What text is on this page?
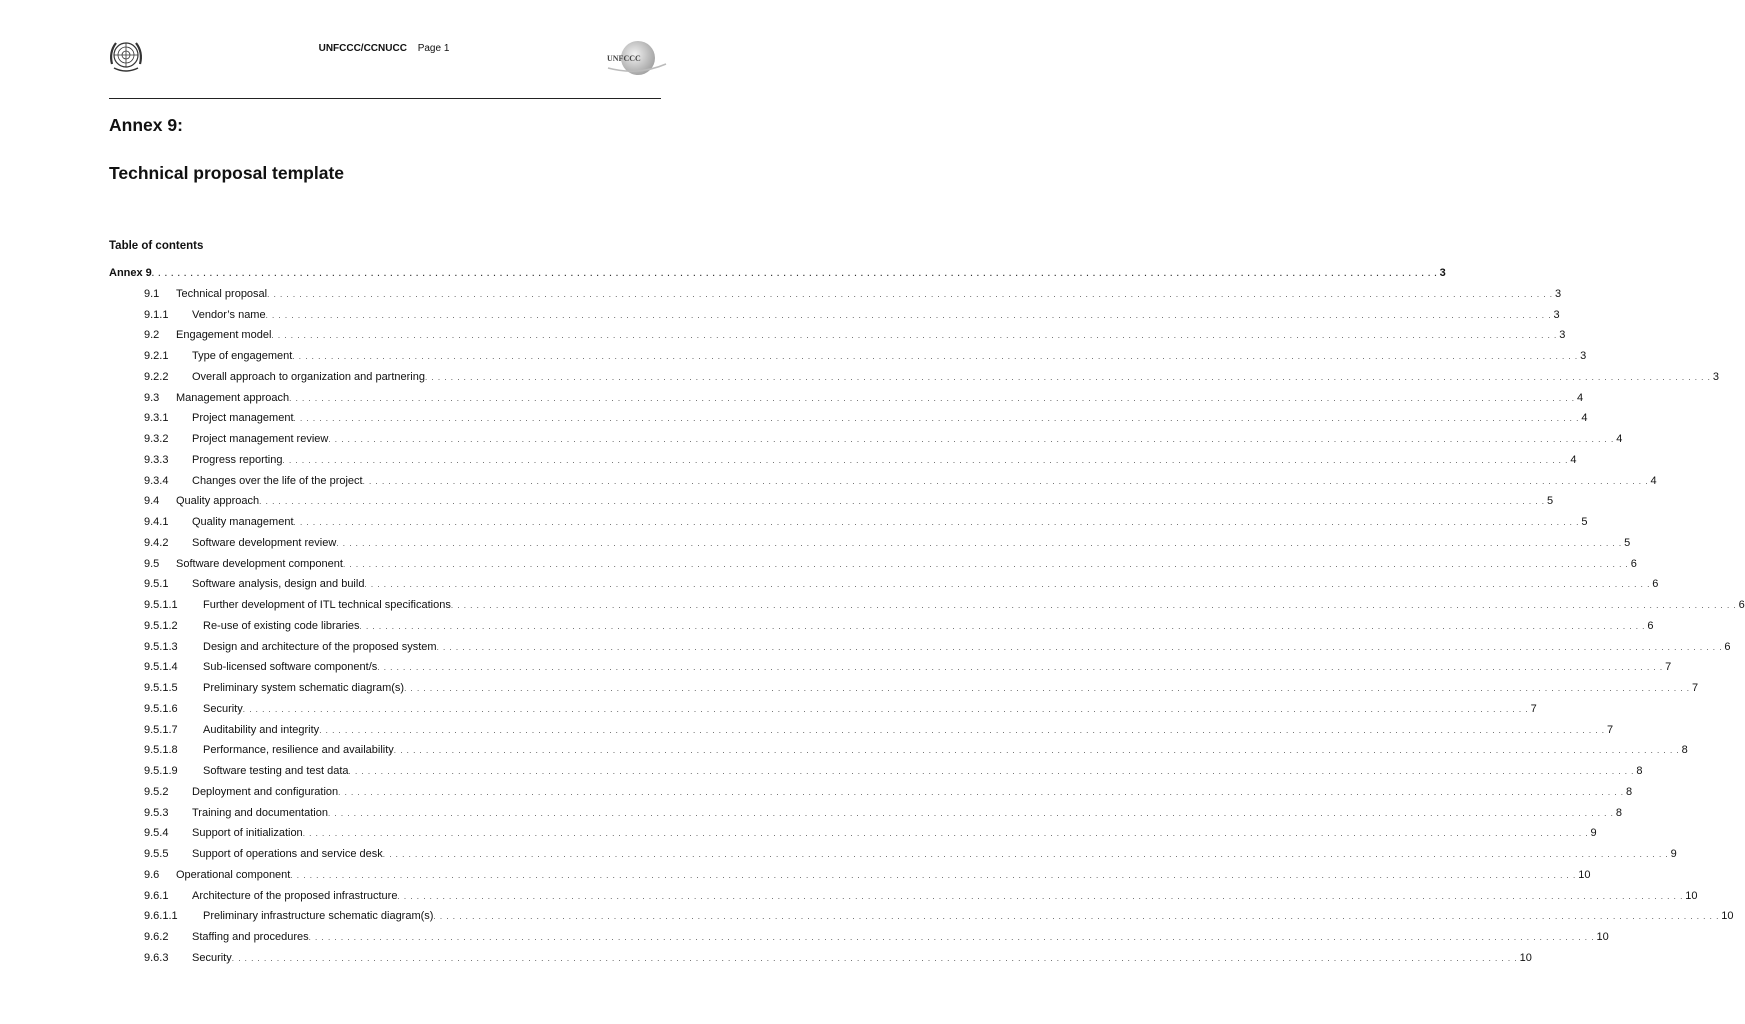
UNFCCC/CCNUCC Page 1
UNFCCC
Annex 9:
Technical proposal template
Table of contents
Annex 9 . . . . . . . . . . . . . . . . . . . . . . . . . . . . . . . . . . . . . . . . . . . . . . . . . . . . . . . . . . . . . . . . . . . . . . . . . . . . . . . . . . . . . . . . . . . . . . . . . . . . . . . . . . . . . . . . . . . . . . . . . . . . . . . . . . . . . . . . . . . . . . . . . . . . . . . . . . . . . . . . . . . . . . . . . . . . . . . . . . . . . . . . . . . . . . . . . . . . . . . . 3
9.1 Technical proposal . . . . . . . . . . . . . . . . . . . . . . . . . . . . . . . . . . . . . . . . . . . . . . . . . . . . . . . . . . . . . . . . . . . . . . . . . . . . . . . . . . . . . . . . . . . . . . . . . . . . . . . . . . . . . . . . . . . . . . . . . . . . . . . . . . . . . . . . . . . . . . . . . . . . . . . . . . . . . . . . . . . . . . . . . . . . . . . . . . . . . . . . . . . . . . . . . . . . . . . . 3
9.1.1 Vendor’s name . . . . . . . . . . . . . . . . . . . . . . . . . . . . . . . . . . . . . . . . . . . . . . . . . . . . . . . . . . . . . . . . . . . . . . . . . . . . . . . . . . . . . . . . . . . . . . . . . . . . . . . . . . . . . . . . . . . . . . . . . . . . . . . . . . . . . . . . . . . . . . . . . . . . . . . . . . . . . . . . . . . . . . . . . . . . . . . . . . . . . . . . . . . . . . . . . . . . . . . . 3
9.2 Engagement model . . . . . . . . . . . . . . . . . . . . . . . . . . . . . . . . . . . . . . . . . . . . . . . . . . . . . . . . . . . . . . . . . . . . . . . . . . . . . . . . . . . . . . . . . . . . . . . . . . . . . . . . . . . . . . . . . . . . . . . . . . . . . . . . . . . . . . . . . . . . . . . . . . . . . . . . . . . . . . . . . . . . . . . . . . . . . . . . . . . . . . . . . . . . . . . . . . . . . . . . 3
9.2.1 Type of engagement . . . . . . . . . . . . . . . . . . . . . . . . . . . . . . . . . . . . . . . . . . . . . . . . . . . . . . . . . . . . . . . . . . . . . . . . . . . . . . . . . . . . . . . . . . . . . . . . . . . . . . . . . . . . . . . . . . . . . . . . . . . . . . . . . . . . . . . . . . . . . . . . . . . . . . . . . . . . . . . . . . . . . . . . . . . . . . . . . . . . . . . . . . . . . . . . . . . . . . . . 3
9.2.2 Overall approach to organization and partnering . . . . . . . . . . . . . . . . . . . . . . . . . . . . . . . . . . . . . . . . . . . . . . . . . . . . . . . . . . . . . . . . . . . . . . . . . . . . . . . . . . . . . . . . . . . . . . . . . . . . . . . . . . . . . . . . . . . . . . . . . . . . . . . . . . . . . . . . . . . . . . . . . . . . . . . . . . . . . . . . . . . . . . . . . . . . . . . . . . . . . . . . . . . . . . . . . . . . . . . . 3
9.3 Management approach . . . . . . . . . . . . . . . . . . . . . . . . . . . . . . . . . . . . . . . . . . . . . . . . . . . . . . . . . . . . . . . . . . . . . . . . . . . . . . . . . . . . . . . . . . . . . . . . . . . . . . . . . . . . . . . . . . . . . . . . . . . . . . . . . . . . . . . . . . . . . . . . . . . . . . . . . . . . . . . . . . . . . . . . . . . . . . . . . . . . . . . . . . . . . . . . . . . . . . . . 4
9.3.1 Project management . . . . . . . . . . . . . . . . . . . . . . . . . . . . . . . . . . . . . . . . . . . . . . . . . . . . . . . . . . . . . . . . . . . . . . . . . . . . . . . . . . . . . . . . . . . . . . . . . . . . . . . . . . . . . . . . . . . . . . . . . . . . . . . . . . . . . . . . . . . . . . . . . . . . . . . . . . . . . . . . . . . . . . . . . . . . . . . . . . . . . . . . . . . . . . . . . . . . . . . . 4
9.3.2 Project management review . . . . . . . . . . . . . . . . . . . . . . . . . . . . . . . . . . . . . . . . . . . . . . . . . . . . . . . . . . . . . . . . . . . . . . . . . . . . . . . . . . . . . . . . . . . . . . . . . . . . . . . . . . . . . . . . . . . . . . . . . . . . . . . . . . . . . . . . . . . . . . . . . . . . . . . . . . . . . . . . . . . . . . . . . . . . . . . . . . . . . . . . . . . . . . . . . . . . . . . . 4
9.3.3 Progress reporting . . . . . . . . . . . . . . . . . . . . . . . . . . . . . . . . . . . . . . . . . . . . . . . . . . . . . . . . . . . . . . . . . . . . . . . . . . . . . . . . . . . . . . . . . . . . . . . . . . . . . . . . . . . . . . . . . . . . . . . . . . . . . . . . . . . . . . . . . . . . . . . . . . . . . . . . . . . . . . . . . . . . . . . . . . . . . . . . . . . . . . . . . . . . . . . . . . . . . . . . 4
9.3.4 Changes over the life of the project . . . . . . . . . . . . . . . . . . . . . . . . . . . . . . . . . . . . . . . . . . . . . . . . . . . . . . . . . . . . . . . . . . . . . . . . . . . . . . . . . . . . . . . . . . . . . . . . . . . . . . . . . . . . . . . . . . . . . . . . . . . . . . . . . . . . . . . . . . . . . . . . . . . . . . . . . . . . . . . . . . . . . . . . . . . . . . . . . . . . . . . . . . . . . . . . . . . . . . . . 4
9.4 Quality approach . . . . . . . . . . . . . . . . . . . . . . . . . . . . . . . . . . . . . . . . . . . . . . . . . . . . . . . . . . . . . . . . . . . . . . . . . . . . . . . . . . . . . . . . . . . . . . . . . . . . . . . . . . . . . . . . . . . . . . . . . . . . . . . . . . . . . . . . . . . . . . . . . . . . . . . . . . . . . . . . . . . . . . . . . . . . . . . . . . . . . . . . . . . . . . . . . . . . . . . . 5
9.4.1 Quality management . . . . . . . . . . . . . . . . . . . . . . . . . . . . . . . . . . . . . . . . . . . . . . . . . . . . . . . . . . . . . . . . . . . . . . . . . . . . . . . . . . . . . . . . . . . . . . . . . . . . . . . . . . . . . . . . . . . . . . . . . . . . . . . . . . . . . . . . . . . . . . . . . . . . . . . . . . . . . . . . . . . . . . . . . . . . . . . . . . . . . . . . . . . . . . . . . . . . . . . . 5
9.4.2 Software development review . . . . . . . . . . . . . . . . . . . . . . . . . . . . . . . . . . . . . . . . . . . . . . . . . . . . . . . . . . . . . . . . . . . . . . . . . . . . . . . . . . . . . . . . . . . . . . . . . . . . . . . . . . . . . . . . . . . . . . . . . . . . . . . . . . . . . . . . . . . . . . . . . . . . . . . . . . . . . . . . . . . . . . . . . . . . . . . . . . . . . . . . . . . . . . . . . . . . . . . . 5
9.5 Software development component . . . . . . . . . . . . . . . . . . . . . . . . . . . . . . . . . . . . . . . . . . . . . . . . . . . . . . . . . . . . . . . . . . . . . . . . . . . . . . . . . . . . . . . . . . . . . . . . . . . . . . . . . . . . . . . . . . . . . . . . . . . . . . . . . . . . . . . . . . . . . . . . . . . . . . . . . . . . . . . . . . . . . . . . . . . . . . . . . . . . . . . . . . . . . . . . . . . . . . . . 6
9.5.1 Software analysis, design and build . . . . . . . . . . . . . . . . . . . . . . . . . . . . . . . . . . . . . . . . . . . . . . . . . . . . . . . . . . . . . . . . . . . . . . . . . . . . . . . . . . . . . . . . . . . . . . . . . . . . . . . . . . . . . . . . . . . . . . . . . . . . . . . . . . . . . . . . . . . . . . . . . . . . . . . . . . . . . . . . . . . . . . . . . . . . . . . . . . . . . . . . . . . . . . . . . . . . . . . . 6
9.5.1.1 Further development of ITL technical specifications . . . . . . . . . . . . . . . . . . . . . . . . . . . . . . . . . . . . . . . . . . . . . . . . . . . . . . . . . . . . . . . . . . . . . . . . . . . . . . . . . . . . . . . . . . . . . . . . . . . . . . . . . . . . . . . . . . . . . . . . . . . . . . . . . . . . . . . . . . . . . . . . . . . . . . . . . . . . . . . . . . . . . . . . . . . . . . . . . . . . . . . . . . . . . . . . . . . . . . . . 6
9.5.1.2 Re-use of existing code libraries . . . . . . . . . . . . . . . . . . . . . . . . . . . . . . . . . . . . . . . . . . . . . . . . . . . . . . . . . . . . . . . . . . . . . . . . . . . . . . . . . . . . . . . . . . . . . . . . . . . . . . . . . . . . . . . . . . . . . . . . . . . . . . . . . . . . . . . . . . . . . . . . . . . . . . . . . . . . . . . . . . . . . . . . . . . . . . . . . . . . . . . . . . . . . . . . . . . . . . . . 6
9.5.1.3 Design and architecture of the proposed system . . . . . . . . . . . . . . . . . . . . . . . . . . . . . . . . . . . . . . . . . . . . . . . . . . . . . . . . . . . . . . . . . . . . . . . . . . . . . . . . . . . . . . . . . . . . . . . . . . . . . . . . . . . . . . . . . . . . . . . . . . . . . . . . . . . . . . . . . . . . . . . . . . . . . . . . . . . . . . . . . . . . . . . . . . . . . . . . . . . . . . . . . . . . . . . . . . . . . . . . 6
9.5.1.4 Sub-licensed software component/s . . . . . . . . . . . . . . . . . . . . . . . . . . . . . . . . . . . . . . . . . . . . . . . . . . . . . . . . . . . . . . . . . . . . . . . . . . . . . . . . . . . . . . . . . . . . . . . . . . . . . . . . . . . . . . . . . . . . . . . . . . . . . . . . . . . . . . . . . . . . . . . . . . . . . . . . . . . . . . . . . . . . . . . . . . . . . . . . . . . . . . . . . . . . . . . . . . . . . . . . 7
9.5.1.5 Preliminary system schematic diagram(s) . . . . . . . . . . . . . . . . . . . . . . . . . . . . . . . . . . . . . . . . . . . . . . . . . . . . . . . . . . . . . . . . . . . . . . . . . . . . . . . . . . . . . . . . . . . . . . . . . . . . . . . . . . . . . . . . . . . . . . . . . . . . . . . . . . . . . . . . . . . . . . . . . . . . . . . . . . . . . . . . . . . . . . . . . . . . . . . . . . . . . . . . . . . . . . . . . . . . . . . . 7
9.5.1.6 Security . . . . . . . . . . . . . . . . . . . . . . . . . . . . . . . . . . . . . . . . . . . . . . . . . . . . . . . . . . . . . . . . . . . . . . . . . . . . . . . . . . . . . . . . . . . . . . . . . . . . . . . . . . . . . . . . . . . . . . . . . . . . . . . . . . . . . . . . . . . . . . . . . . . . . . . . . . . . . . . . . . . . . . . . . . . . . . . . . . . . . . . . . . . . . . . . . . . . . . . . 7
9.5.1.7 Auditability and integrity . . . . . . . . . . . . . . . . . . . . . . . . . . . . . . . . . . . . . . . . . . . . . . . . . . . . . . . . . . . . . . . . . . . . . . . . . . . . . . . . . . . . . . . . . . . . . . . . . . . . . . . . . . . . . . . . . . . . . . . . . . . . . . . . . . . . . . . . . . . . . . . . . . . . . . . . . . . . . . . . . . . . . . . . . . . . . . . . . . . . . . . . . . . . . . . . . . . . . . . . 7
9.5.1.8 Performance, resilience and availability . . . . . . . . . . . . . . . . . . . . . . . . . . . . . . . . . . . . . . . . . . . . . . . . . . . . . . . . . . . . . . . . . . . . . . . . . . . . . . . . . . . . . . . . . . . . . . . . . . . . . . . . . . . . . . . . . . . . . . . . . . . . . . . . . . . . . . . . . . . . . . . . . . . . . . . . . . . . . . . . . . . . . . . . . . . . . . . . . . . . . . . . . . . . . . . . . . . . . . . . 8
9.5.1.9 Software testing and test data . . . . . . . . . . . . . . . . . . . . . . . . . . . . . . . . . . . . . . . . . . . . . . . . . . . . . . . . . . . . . . . . . . . . . . . . . . . . . . . . . . . . . . . . . . . . . . . . . . . . . . . . . . . . . . . . . . . . . . . . . . . . . . . . . . . . . . . . . . . . . . . . . . . . . . . . . . . . . . . . . . . . . . . . . . . . . . . . . . . . . . . . . . . . . . . . . . . . . . . . 8
9.5.2 Deployment and configuration . . . . . . . . . . . . . . . . . . . . . . . . . . . . . . . . . . . . . . . . . . . . . . . . . . . . . . . . . . . . . . . . . . . . . . . . . . . . . . . . . . . . . . . . . . . . . . . . . . . . . . . . . . . . . . . . . . . . . . . . . . . . . . . . . . . . . . . . . . . . . . . . . . . . . . . . . . . . . . . . . . . . . . . . . . . . . . . . . . . . . . . . . . . . . . . . . . . . . . . . 8
9.5.3 Training and documentation . . . . . . . . . . . . . . . . . . . . . . . . . . . . . . . . . . . . . . . . . . . . . . . . . . . . . . . . . . . . . . . . . . . . . . . . . . . . . . . . . . . . . . . . . . . . . . . . . . . . . . . . . . . . . . . . . . . . . . . . . . . . . . . . . . . . . . . . . . . . . . . . . . . . . . . . . . . . . . . . . . . . . . . . . . . . . . . . . . . . . . . . . . . . . . . . . . . . . . . . 8
9.5.4 Support of initialization . . . . . . . . . . . . . . . . . . . . . . . . . . . . . . . . . . . . . . . . . . . . . . . . . . . . . . . . . . . . . . . . . . . . . . . . . . . . . . . . . . . . . . . . . . . . . . . . . . . . . . . . . . . . . . . . . . . . . . . . . . . . . . . . . . . . . . . . . . . . . . . . . . . . . . . . . . . . . . . . . . . . . . . . . . . . . . . . . . . . . . . . . . . . . . . . . . . . . . . . 9
9.5.5 Support of operations and service desk . . . . . . . . . . . . . . . . . . . . . . . . . . . . . . . . . . . . . . . . . . . . . . . . . . . . . . . . . . . . . . . . . . . . . . . . . . . . . . . . . . . . . . . . . . . . . . . . . . . . . . . . . . . . . . . . . . . . . . . . . . . . . . . . . . . . . . . . . . . . . . . . . . . . . . . . . . . . . . . . . . . . . . . . . . . . . . . . . . . . . . . . . . . . . . . . . . . . . . . . 9
9.6 Operational component . . . . . . . . . . . . . . . . . . . . . . . . . . . . . . . . . . . . . . . . . . . . . . . . . . . . . . . . . . . . . . . . . . . . . . . . . . . . . . . . . . . . . . . . . . . . . . . . . . . . . . . . . . . . . . . . . . . . . . . . . . . . . . . . . . . . . . . . . . . . . . . . . . . . . . . . . . . . . . . . . . . . . . . . . . . . . . . . . . . . . . . . . . . . . . . . . . . . . . . . 10
9.6.1 Architecture of the proposed infrastructure . . . . . . . . . . . . . . . . . . . . . . . . . . . . . . . . . . . . . . . . . . . . . . . . . . . . . . . . . . . . . . . . . . . . . . . . . . . . . . . . . . . . . . . . . . . . . . . . . . . . . . . . . . . . . . . . . . . . . . . . . . . . . . . . . . . . . . . . . . . . . . . . . . . . . . . . . . . . . . . . . . . . . . . . . . . . . . . . . . . . . . . . . . . . . . . . . . . . . . . . 10
9.6.1.1 Preliminary infrastructure schematic diagram(s) . . . . . . . . . . . . . . . . . . . . . . . . . . . . . . . . . . . . . . . . . . . . . . . . . . . . . . . . . . . . . . . . . . . . . . . . . . . . . . . . . . . . . . . . . . . . . . . . . . . . . . . . . . . . . . . . . . . . . . . . . . . . . . . . . . . . . . . . . . . . . . . . . . . . . . . . . . . . . . . . . . . . . . . . . . . . . . . . . . . . . . . . . . . . . . . . . . . . . . . . 10
9.6.2 Staffing and procedures . . . . . . . . . . . . . . . . . . . . . . . . . . . . . . . . . . . . . . . . . . . . . . . . . . . . . . . . . . . . . . . . . . . . . . . . . . . . . . . . . . . . . . . . . . . . . . . . . . . . . . . . . . . . . . . . . . . . . . . . . . . . . . . . . . . . . . . . . . . . . . . . . . . . . . . . . . . . . . . . . . . . . . . . . . . . . . . . . . . . . . . . . . . . . . . . . . . . . . . . 10
9.6.3 Security . . . . . . . . . . . . . . . . . . . . . . . . . . . . . . . . . . . . . . . . . . . . . . . . . . . . . . . . . . . . . . . . . . . . . . . . . . . . . . . . . . . . . . . . . . . . . . . . . . . . . . . . . . . . . . . . . . . . . . . . . . . . . . . . . . . . . . . . . . . . . . . . . . . . . . . . . . . . . . . . . . . . . . . . . . . . . . . . . . . . . . . . . . . . . . . . . . . . . . . . 10
